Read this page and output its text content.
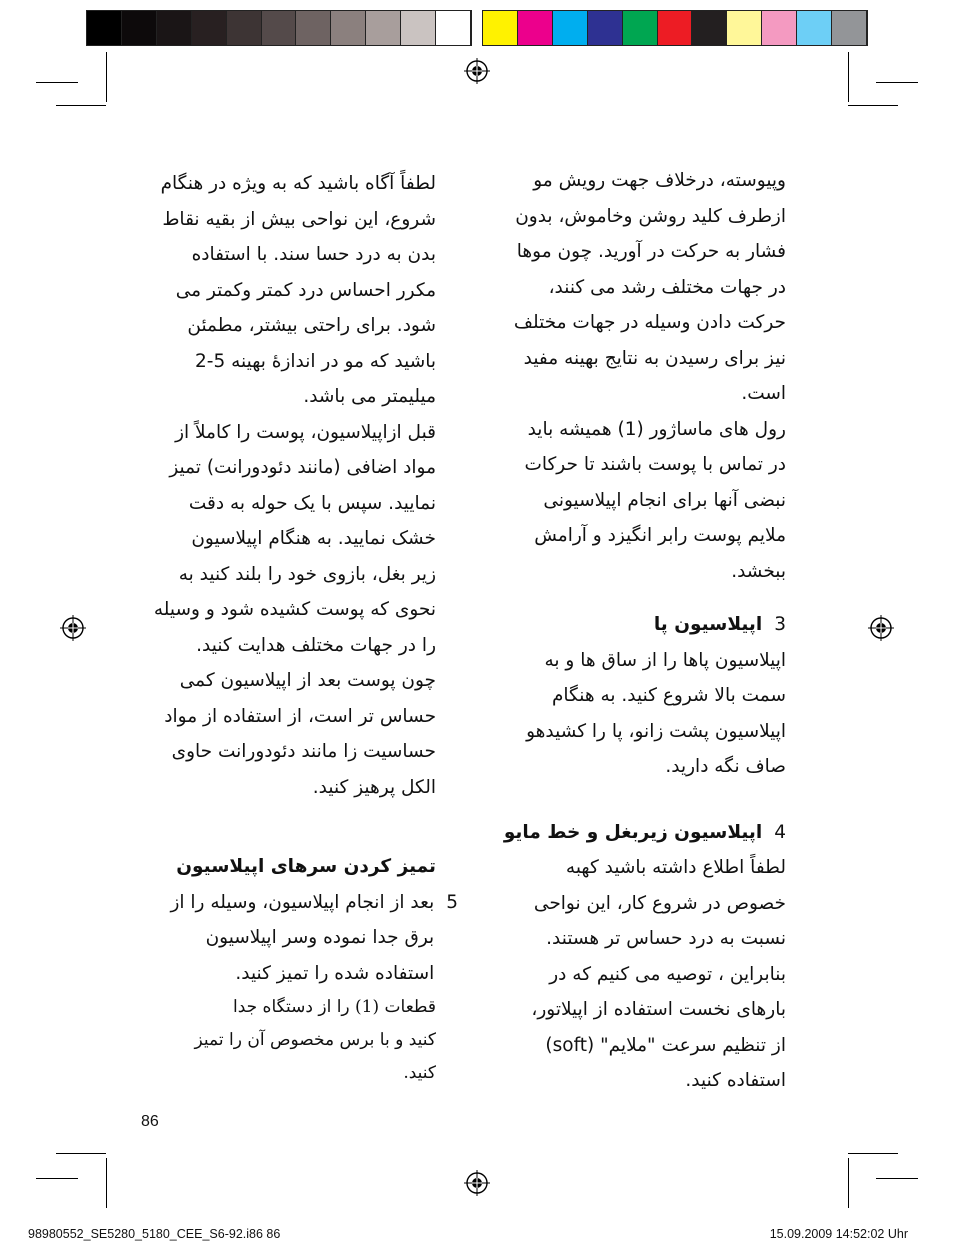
وپیوسته، درخلاف جهت رویش مو

ازطرف کلید روشن وخاموش، بدون

فشار به حرکت در آورید. چون موها

در جهات مختلف رشد می کنند،

حرکت دادن وسیله در جهات مختلف

نیز برای رسیدن به نتایج بهینه مفید

است.

رول های ماساژور (1) همیشه باید

در تماس با پوست باشند تا حرکات

نبضی آنها برای انجام اپیلاسیونی

ملایم پوست رابر انگیزد و آرامش

ببخشد.

3
اپیلاسیون پا

اپیلاسیون پاها را از ساق ها و به

سمت بالا شروع کنید. به هنگام

اپیلاسیون پشت زانو، پا را کشیدهو

صاف نگه دارید.

4
اپیلاسیون زیربغل و خط مایو

لطفاً اطلاع داشته باشید کهبه

خصوص در شروع کار، این نواحی

نسبت به درد حساس تر هستند.

بنابراین ، توصیه می کنیم که در

بارهای نخست استفاده از اپیلاتور،

از تنظیم سرعت "ملایم" (soft)

استفاده کنید.

لطفاً آگاه باشید که به ویژه در هنگام

شروع، این نواحی بیش از بقیه نقاط

بدن به درد حسا سند. با استفاده

مکرر احساس درد کمتر وکمتر می

شود. برای راحتی بیشتر، مطمئن

باشید که مو در اندازۀ بهینه 5-2

میلیمتر می باشد.

قبل ازاپیلاسیون، پوست را کاملاً از

مواد اضافی (مانند دئودورانت) تمیز

نمایید. سپس با یک حوله به دقت

خشک نمایید. به هنگام اپیلاسیون

زیر بغل، بازوی خود را بلند کنید به

نحوی که پوست کشیده شود و وسیله

را در جهات مختلف هدایت کنید.

چون پوست بعد از اپیلاسیون کمی

حساس تر است، از استفاده از مواد

حساسیت زا مانند دئودورانت حاوی

الکل پرهیز کنید.

تمیز کردن سرهای اپیلاسیون
5

بعد از انجام اپیلاسیون، وسیله را از

برق جدا نموده وسر اپیلاسیون

استفاده شده را تمیز کنید.

قطعات (1) را از دستگاه جدا

کنید و با برس مخصوص آن را تمیز

کنید.

86
98980552_SE5280_5180_CEE_S6-92.i86 86	15.09.2009 14:52:02 Uhr
